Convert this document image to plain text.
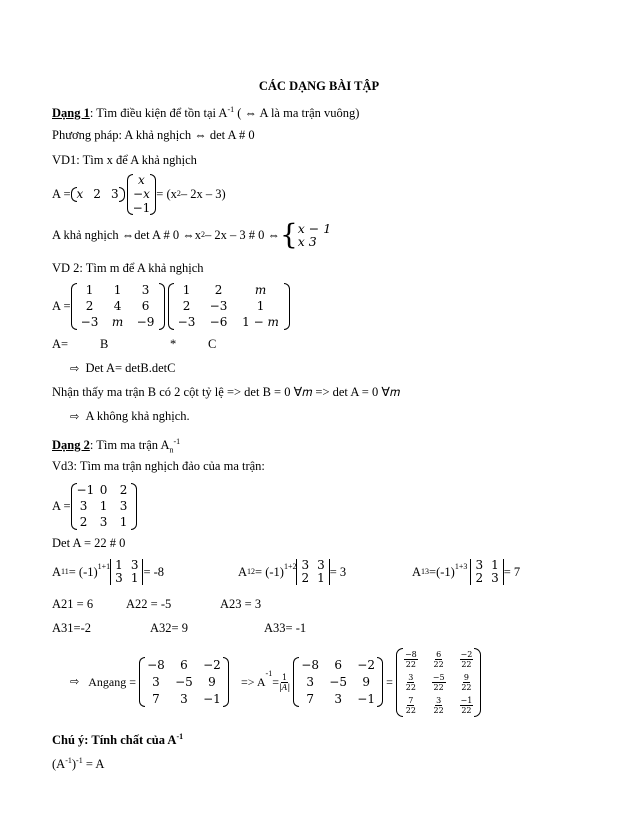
CÁC DẠNG BÀI TẬP
Dạng 1: Tìm điều kiện để tồn tại $A^{-1}$ ( ⇔ A là ma trận vuông)
Phương pháp: A khả nghịch ⇔ det A # 0
VD1: Tìm x để A khả nghịch
A = 𝑥 2 3
𝑥
−𝑥
−1
= (x 2 – 2x – 3)
A khả nghịch ⇔det A # 0 ⇔x 2 – 2x – 3 # 0 ⇔ { 𝑥 − 1
𝑥 3
VD 2: Tìm m để A khả nghịch
A =
1	1	3
2	4	6
−3	𝑚	−9
1	2	𝑚
2	−3	1
−3	−6	1 − 𝑚
A=	B	*	C
⇨ Det A= detB.detC
Nhận thấy ma trận B có 2 cột tỷ lệ => det B = 0 ∀𝑚 => det A = 0 ∀𝑚
⇨ A không khả nghịch.
Dạng 2: Tìm ma trận $A_n^{-1}$
Vd3: Tìm ma trận nghịch đảo của ma trận:
A =
−1 0 2
3 1 3
2 3 1
Det A = 22 # 0
A $11 = (-1)^{1+1}$ 1 3
3 1 = -8	A $12 = (-1)^{1+2}$ 3 3
2 1 = 3	A $13 =(-1)^{1+3}$
3 1
2 3 = 7
A21 = 6	A22 = -5	A23 = 3
A31=-2	A32= 9	A33= -1
⇨
Angang =

−8	6	−2
3	−5	9
7	3	−1

=> A
$^{-1}$
= $\frac{1}{\text{|𝐴|}}$

−8	6	−2
3	−5	9
7	3	−1

=

$\frac{-8}{22} \frac{6}{22} \frac{-2}{22}$
$\frac{3}{22} \frac{-5}{22} \frac{9}{22}$
$\frac{7}{22} \frac{3}{22} \frac{-1}{22}$
Chú ý: Tính chất của $A^{-1}$
$(A^{-1})^{-1} = A$
